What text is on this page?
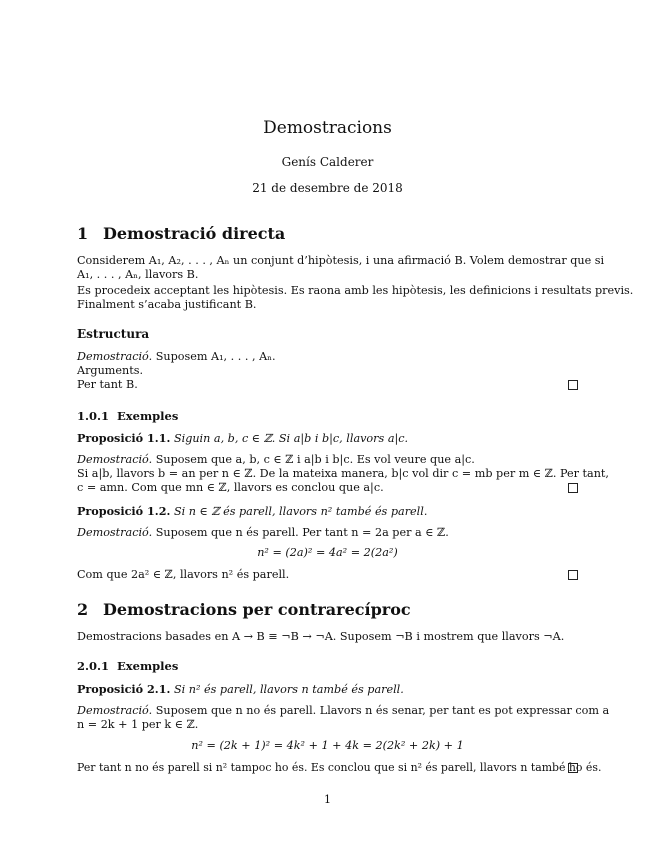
Demostracions
Genís Calderer
21 de desembre de 2018
1 Demostració directa
Considerem A₁, A₂, . . . , Aₙ un conjunt d’hipòtesis, i una afirmació B. Volem demostrar que si
A₁, . . . , Aₙ, llavors B.
Es procedeix acceptant les hipòtesis. Es raona amb les hipòtesis, les definicions i resultats previs.
Finalment s’acaba justificant B.
Estructura
Demostració. Suposem A₁, . . . , Aₙ.
Arguments.
Per tant B.
1.0.1 Exemples
Proposició 1.1. Siguin a, b, c ∈ ℤ. Si a|b i b|c, llavors a|c.
Demostració. Suposem que a, b, c ∈ ℤ i a|b i b|c. Es vol veure que a|c.
Si a|b, llavors b = an per n ∈ ℤ. De la mateixa manera, b|c vol dir c = mb per m ∈ ℤ. Per tant,
c = amn. Com que mn ∈ ℤ, llavors es conclou que a|c.
Proposició 1.2. Si n ∈ ℤ és parell, llavors n² també és parell.
Demostració. Suposem que n és parell. Per tant n = 2a per a ∈ ℤ.
n² = (2a)² = 4a² = 2(2a²)
Com que 2a² ∈ ℤ, llavors n² és parell.
2 Demostracions per contrarecíproc
Demostracions basades en A → B ≡ ¬B → ¬A. Suposem ¬B i mostrem que llavors ¬A.
2.0.1 Exemples
Proposició 2.1. Si n² és parell, llavors n també és parell.
Demostració. Suposem que n no és parell. Llavors n és senar, per tant es pot expressar com a
n = 2k + 1 per k ∈ ℤ.
n² = (2k + 1)² = 4k² + 1 + 4k = 2(2k² + 2k) + 1
Per tant n no és parell si n² tampoc ho és. Es conclou que si n² és parell, llavors n també ho és.
1
